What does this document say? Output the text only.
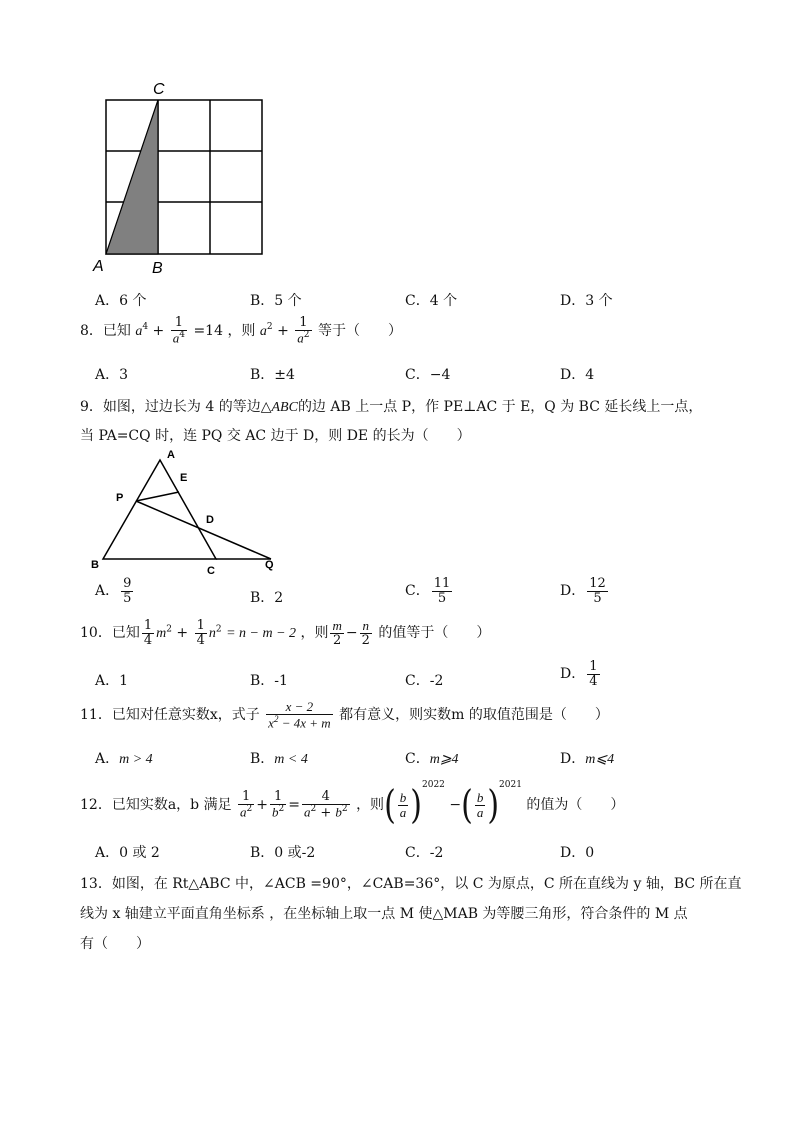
C
A	B
A．6 个	B．5 个	C．4 个	D．3 个
8．已知 $a^4 + \frac{1}{a^4} =14$ ，则 $a^2 + \frac{1}{a^2}$ 等于（　　）
A．3	B．±4	C．−4	D．4
9．如图，过边长为 4 的等边△ABC的边 AB 上一点 P，作 PE⊥AC 于 E，Q 为 BC 延长线上一点，
当 PA=CQ 时，连 PQ 交 AC 边于 D，则 DE 的长为（　　）
A
E
P
D
B	C	Q
A． $\frac{9}{5}$	B．2	C． $\frac{11}{5}$	D． $\frac{12}{5}$
10．已知 $\frac{1}{4} m^2 + \frac{1}{4} n^2 = n - m - 2$ ，则 $\frac{m}{2} - \frac{n}{2}$ 的值等于（　　）
A．1	B．-1	C．-2	D． $\frac{1}{4}$
11．已知对任意实数x，式子 $\frac{x - 2}{x^2 - 4x + m}$ 都有意义，则实数m 的取值范围是（　　）
A．m > 4	B．m < 4	C．m⩾4	D．m⩽4
12．已知实数a，b 满足 $\frac{1}{a^2} + \frac{1}{b^2} = \frac{4}{a^2 + b^2}$ ，则( $\frac{b}{a} )^{2022}$ −( $\frac{b}{a} )^{2021}$ 的值为（　　）
A．0 或 2	B．0 或-2	C．-2	D．0
13．如图，在 Rt△ABC 中，∠ACB =90°，∠CAB=36°，以 C 为原点，C 所在直线为 y 轴，BC 所在直
线为 x 轴建立平面直角坐标系 ，在坐标轴上取一点 M 使△MAB 为等腰三角形，符合条件的 M 点
有（　　）
